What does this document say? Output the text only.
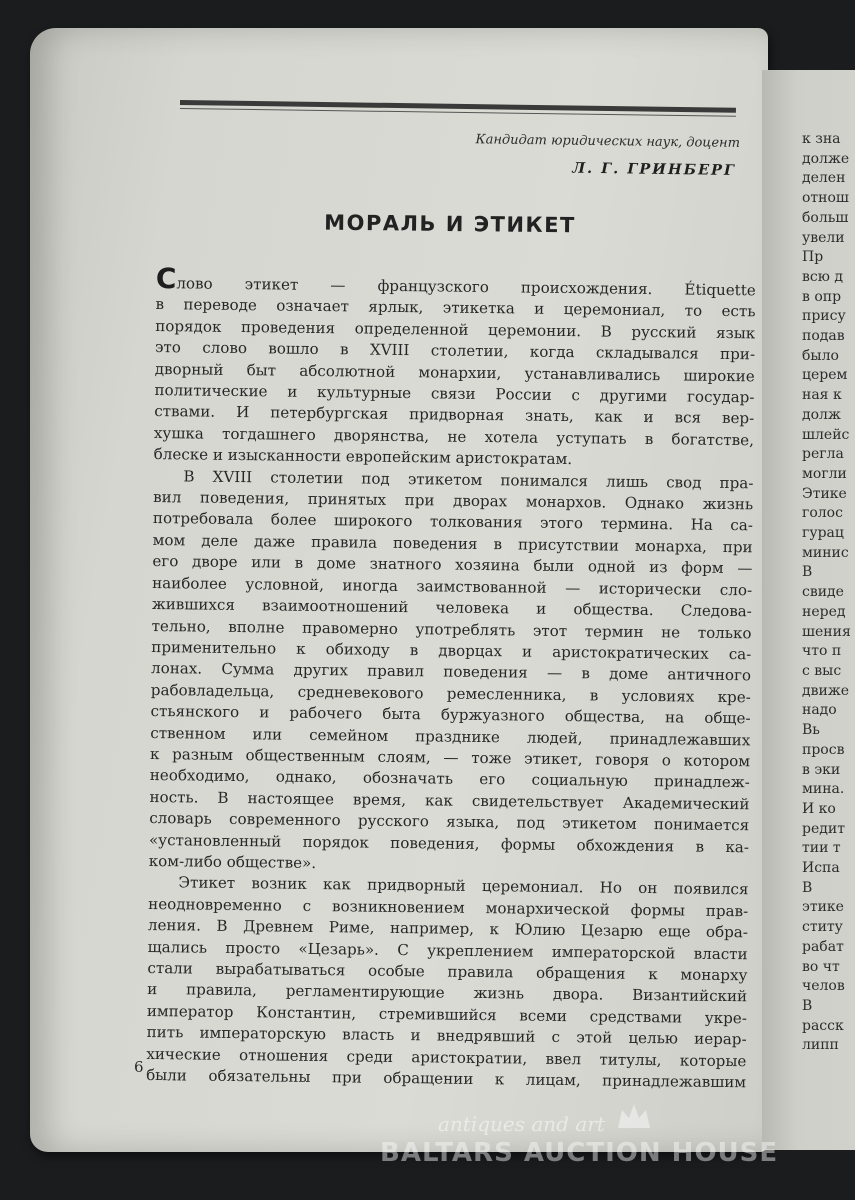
Кандидат юридических наук, доцент
Л. Г. ГРИНБЕРГ
МОРАЛЬ И ЭТИКЕТ
Слово этикет — французского происхождения. Étiquette
в переводе означает ярлык, этикетка и церемониал, то есть
порядок проведения определенной церемонии. В русский язык
это слово вошло в XVIII столетии, когда складывался при-
дворный быт абсолютной монархии, устанавливались широкие
политические и культурные связи России с другими государ-
ствами. И петербургская придворная знать, как и вся вер-
хушка тогдашнего дворянства, не хотела уступать в богатстве,
блеске и изысканности европейским аристократам.
В XVIII столетии под этикетом понимался лишь свод пра-
вил поведения, принятых при дворах монархов. Однако жизнь
потребовала более широкого толкования этого термина. На са-
мом деле даже правила поведения в присутствии монарха, при
его дворе или в доме знатного хозяина были одной из форм —
наиболее условной, иногда заимствованной — исторически сло-
жившихся взаимоотношений человека и общества. Следова-
тельно, вполне правомерно употреблять этот термин не только
применительно к обиходу в дворцах и аристократических са-
лонах. Сумма других правил поведения — в доме античного
рабовладельца, средневекового ремесленника, в условиях кре-
стьянского и рабочего быта буржуазного общества, на обще-
ственном или семейном празднике людей, принадлежавших
к разным общественным слоям, — тоже этикет, говоря о котором
необходимо, однако, обозначать его социальную принадлеж-
ность. В настоящее время, как свидетельствует Академический
словарь современного русского языка, под этикетом понимается
«установленный порядок поведения, формы обхождения в ка-
ком-либо обществе».
Этикет возник как придворный церемониал. Но он появился
неодновременно с возникновением монархической формы прав-
ления. В Древнем Риме, например, к Юлию Цезарю еще обра-
щались просто «Цезарь». С укреплением императорской власти
стали вырабатываться особые правила обращения к монарху
и правила, регламентирующие жизнь двора. Византийский
император Константин, стремившийся всеми средствами укре-
пить императорскую власть и внедрявший с этой целью иерар-
хические отношения среди аристократии, ввел титулы, которые
были обязательны при обращении к лицам, принадлежавшим
6
к зна
долже
делен
отнош
больш
увели
Пр
всю д
в опр
прису
подав
было
церем
ная к
долж
шлейс
регла
могли
Этике
голос
гурац
минис
В
свиде
неред
шения
что п
с выс
движе
надо
Вь
просв
в эки
мина.
И ко
редит
тии т
Испа
В
этике
ститу
рабат
во чт
челов
В
расск
липп
antiques and art
BALTARS AUCTION HOUSE
